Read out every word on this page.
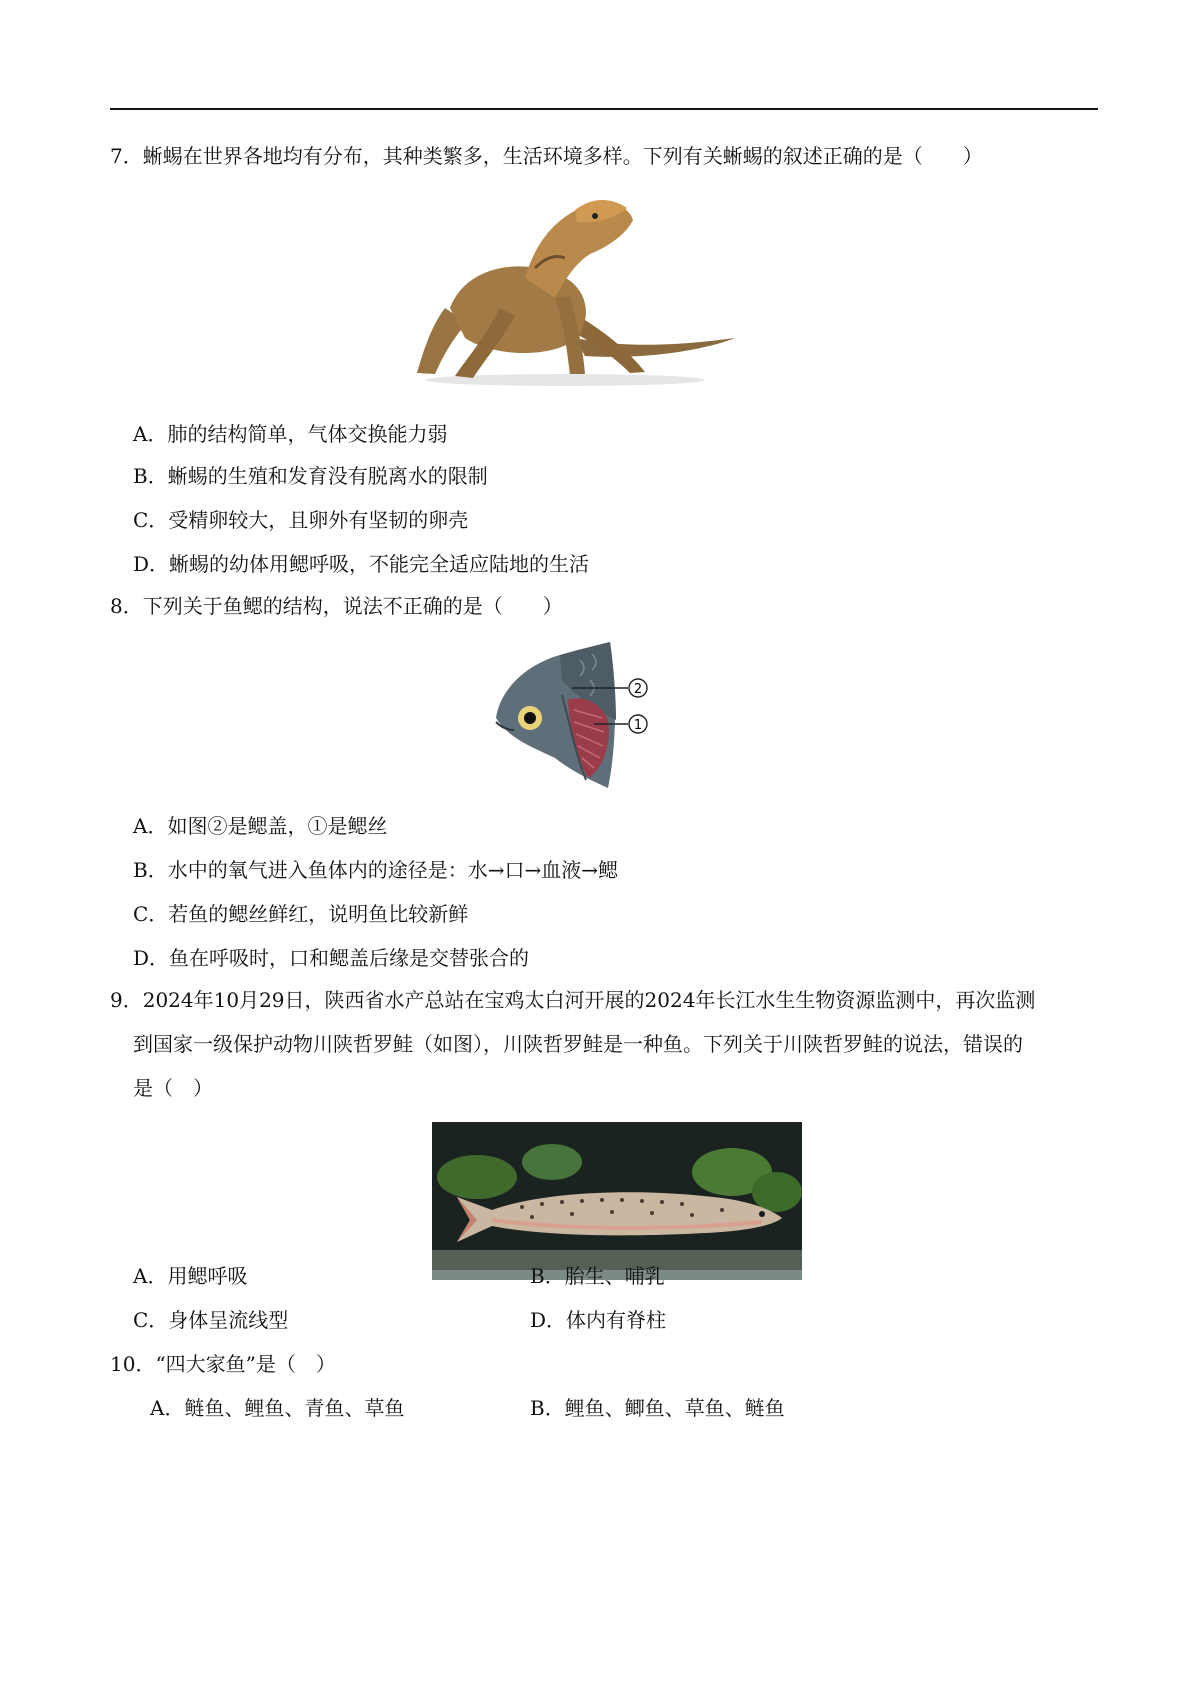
7．蜥蜴在世界各地均有分布，其种类繁多，生活环境多样。下列有关蜥蜴的叙述正确的是（　　）
A．肺的结构简单，气体交换能力弱
B．蜥蜴的生殖和发育没有脱离水的限制
C．受精卵较大，且卵外有坚韧的卵壳
D．蜥蜴的幼体用鳃呼吸，不能完全适应陆地的生活
8．下列关于鱼鳃的结构，说法不正确的是（　　）
2
1
A．如图②是鳃盖，①是鳃丝
B．水中的氧气进入鱼体内的途径是：水→口→血液→鳃
C．若鱼的鳃丝鲜红，说明鱼比较新鲜
D．鱼在呼吸时，口和鳃盖后缘是交替张合的
9．2024年10月29日，陕西省水产总站在宝鸡太白河开展的2024年长江水生生物资源监测中，再次监测
到国家一级保护动物川陕哲罗鲑（如图），川陕哲罗鲑是一种鱼。下列关于川陕哲罗鲑的说法，错误的
是（　）
A．用鳃呼吸	B．胎生、哺乳
C．身体呈流线型	D．体内有脊柱
10．“四大家鱼”是（　）
A．鲢鱼、鲤鱼、青鱼、草鱼	B．鲤鱼、鲫鱼、草鱼、鲢鱼
